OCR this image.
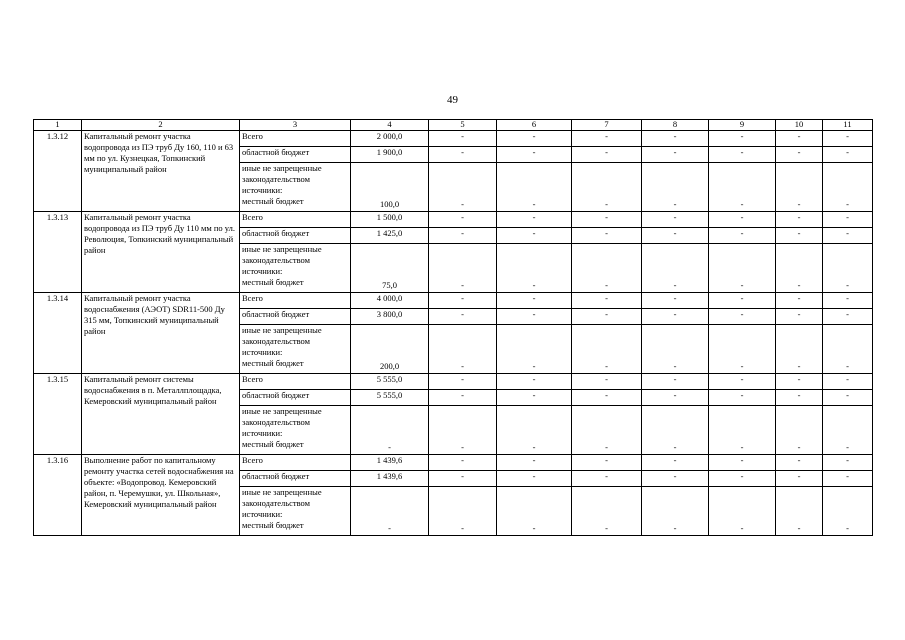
49
1	2	3	4	5	6	7	8	9	10	11
1.3.12	Капитальный ремонт участка водопровода из ПЭ труб Ду 160, 110 и 63 мм по ул. Кузнецкая, Топкинский муниципальный район	Всего	2 000,0	-	-	-	-	-	-	-

		областной бюджет	1 900,0	-	-	-	-	-	-	-

		иные не запрещенные
законодательством
источники:
местный бюджет	100,0	-	-	-	-	-	-	-
1.3.13	Капитальный ремонт участка водопровода из ПЭ труб Ду 110 мм по ул. Революция, Топкинский муниципальный район	Всего	1 500,0	-	-	-	-	-	-	-

		областной бюджет	1 425,0	-	-	-	-	-	-	-

		иные не запрещенные
законодательством
источники:
местный бюджет	75,0	-	-	-	-	-	-	-
1.3.14	Капитальный ремонт участка водоснабжения (АЭОТ) SDR11-500 Ду 315 мм, Топкинский муниципальный район	Всего	4 000,0	-	-	-	-	-	-	-

		областной бюджет	3 800,0	-	-	-	-	-	-	-

		иные не запрещенные
законодательством
источники:
местный бюджет	200,0	-	-	-	-	-	-	-
1.3.15	Капитальный ремонт системы водоснабжения в п. Металлплощадка, Кемеровский муниципальный район	Всего	5 555,0	-	-	-	-	-	-	-

		областной бюджет	5 555,0	-	-	-	-	-	-	-

		иные не запрещенные
законодательством
источники:
местный бюджет	-	-	-	-	-	-	-	-
1.3.16	Выполнение работ по капитальному ремонту участка сетей водоснабжения на объекте: «Водопровод. Кемеровский район, п. Черемушки, ул. Школьная», Кемеровский муниципальный район	Всего	1 439,6	-	-	-	-	-	-	-

		областной бюджет	1 439,6	-	-	-	-	-	-	-

		иные не запрещенные
законодательством
источники:
местный бюджет	-	-	-	-	-	-	-	-
